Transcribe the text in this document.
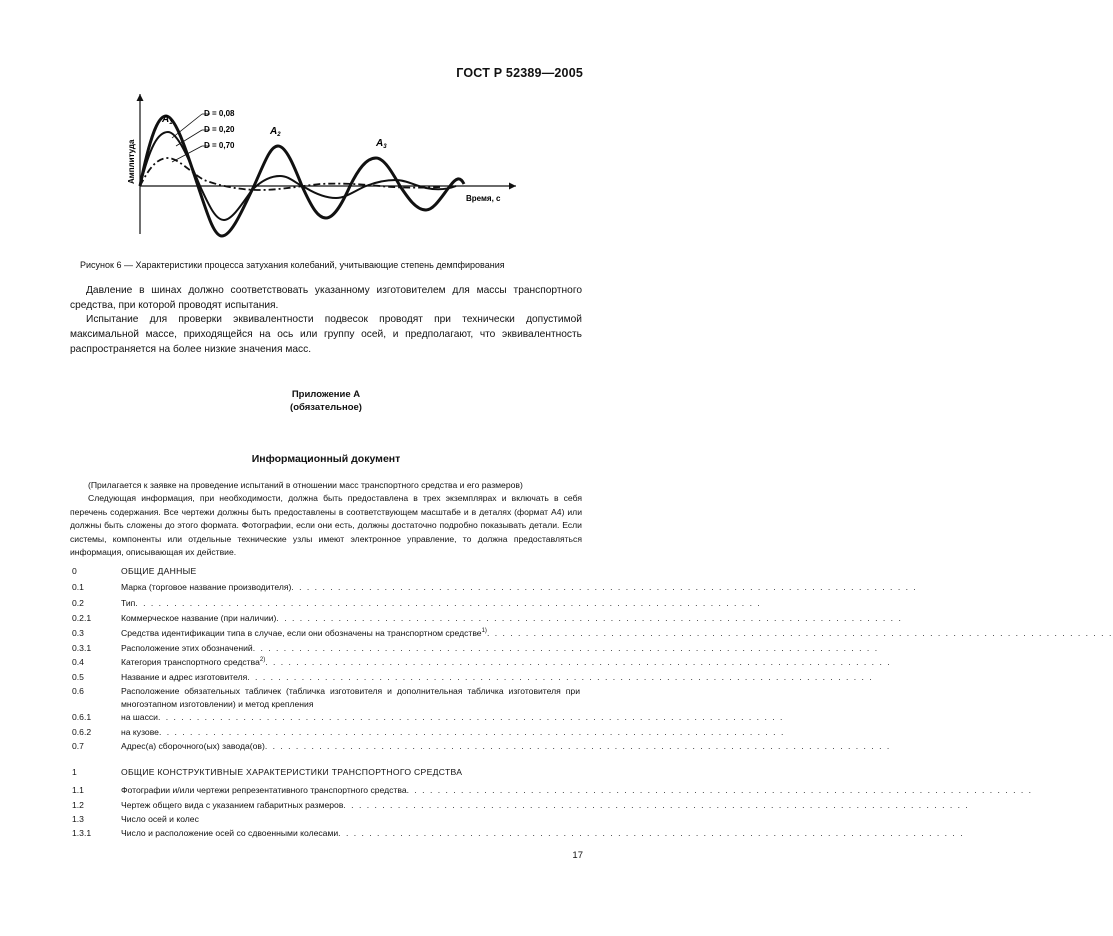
ГОСТ Р 52389—2005
Амплитуда
Время, с
$A_1$
$A_2$
$A_3$
D = 0,08
D = 0,20
D = 0,70
Рисунок 6 — Характеристики процесса затухания колебаний, учитывающие степень демпфирования
Давление в шинах должно соответствовать указанному изготовителем для массы транспортного средства, при которой проводят испытания.
Испытание для проверки эквивалентности подвесок проводят при технически допустимой максимальной массе, приходящейся на ось или группу осей, и предполагают, что эквивалентность распространяется на более низкие значения масс.
Приложение А
(обязательное)
Информационный документ
(Прилагается к заявке на проведение испытаний в отношении масс транспортного средства и его размеров)
Следующая информация, при необходимости, должна быть предоставлена в трех экземплярах и включать в себя перечень содержания. Все чертежи должны быть предоставлены в соответствующем масштабе и в деталях (формат А4) или должны быть сложены до этого формата. Фотографии, если они есть, должны достаточно подробно показывать детали. Если системы, компоненты или отдельные технические узлы имеют электронное управление, то должна предоставляться информация, описывающая их действие.
0	ОБЩИЕ ДАННЫЕ
0.1	Марка (торговое название производителя) . . . . . . . . . . . . . . . . . . . . . . . . . . . . . . . . . . . . . . . . . . . . . . . . . . . . . . . . . . . . . . . . . . . . . . . . . . . . . . . . .
0.2	Тип . . . . . . . . . . . . . . . . . . . . . . . . . . . . . . . . . . . . . . . . . . . . . . . . . . . . . . . . . . . . . . . . . . . . . . . . . . . . . . . . .
0.2.1	Коммерческое название (при наличии) . . . . . . . . . . . . . . . . . . . . . . . . . . . . . . . . . . . . . . . . . . . . . . . . . . . . . . . . . . . . . . . . . . . . . . . . . . . . . . . . .
0.3	Средства идентификации типа в случае, если они обозначены на транспортном средстве$^{1)}$ . . . . . . . . . . . . . . . . . . . . . . . . . . . . . . . . . . . . . . . . . . . . . . . . . . . . . . . . . . . . . . . . . . . . . . . . . . . . . . . . .
0.3.1	Расположение этих обозначений . . . . . . . . . . . . . . . . . . . . . . . . . . . . . . . . . . . . . . . . . . . . . . . . . . . . . . . . . . . . . . . . . . . . . . . . . . . . . . . . .
0.4	Категория транспортного средства$^{2)}$ . . . . . . . . . . . . . . . . . . . . . . . . . . . . . . . . . . . . . . . . . . . . . . . . . . . . . . . . . . . . . . . . . . . . . . . . . . . . . . . . .
0.5	Название и адрес изготовителя . . . . . . . . . . . . . . . . . . . . . . . . . . . . . . . . . . . . . . . . . . . . . . . . . . . . . . . . . . . . . . . . . . . . . . . . . . . . . . . . .
0.6	Расположение обязательных табличек (табличка изготовителя и дополнительная табличка изготовителя при многоэтапном изготовлении) и метод крепления
0.6.1	на шасси . . . . . . . . . . . . . . . . . . . . . . . . . . . . . . . . . . . . . . . . . . . . . . . . . . . . . . . . . . . . . . . . . . . . . . . . . . . . . . . . .
0.6.2	на кузове . . . . . . . . . . . . . . . . . . . . . . . . . . . . . . . . . . . . . . . . . . . . . . . . . . . . . . . . . . . . . . . . . . . . . . . . . . . . . . . . .
0.7	Адрес(а) сборочного(ых) завода(ов) . . . . . . . . . . . . . . . . . . . . . . . . . . . . . . . . . . . . . . . . . . . . . . . . . . . . . . . . . . . . . . . . . . . . . . . . . . . . . . . . .
1	ОБЩИЕ КОНСТРУКТИВНЫЕ ХАРАКТЕРИСТИКИ ТРАНСПОРТНОГО СРЕДСТВА
1.1	Фотографии и/или чертежи репрезентативного транспортного средства . . . . . . . . . . . . . . . . . . . . . . . . . . . . . . . . . . . . . . . . . . . . . . . . . . . . . . . . . . . . . . . . . . . . . . . . . . . . . . . . .
1.2	Чертеж общего вида с указанием габаритных размеров . . . . . . . . . . . . . . . . . . . . . . . . . . . . . . . . . . . . . . . . . . . . . . . . . . . . . . . . . . . . . . . . . . . . . . . . . . . . . . . . .
1.3	Число осей и колес
1.3.1	Число и расположение осей со сдвоенными колесами . . . . . . . . . . . . . . . . . . . . . . . . . . . . . . . . . . . . . . . . . . . . . . . . . . . . . . . . . . . . . . . . . . . . . . . . . . . . . . . . .
17
